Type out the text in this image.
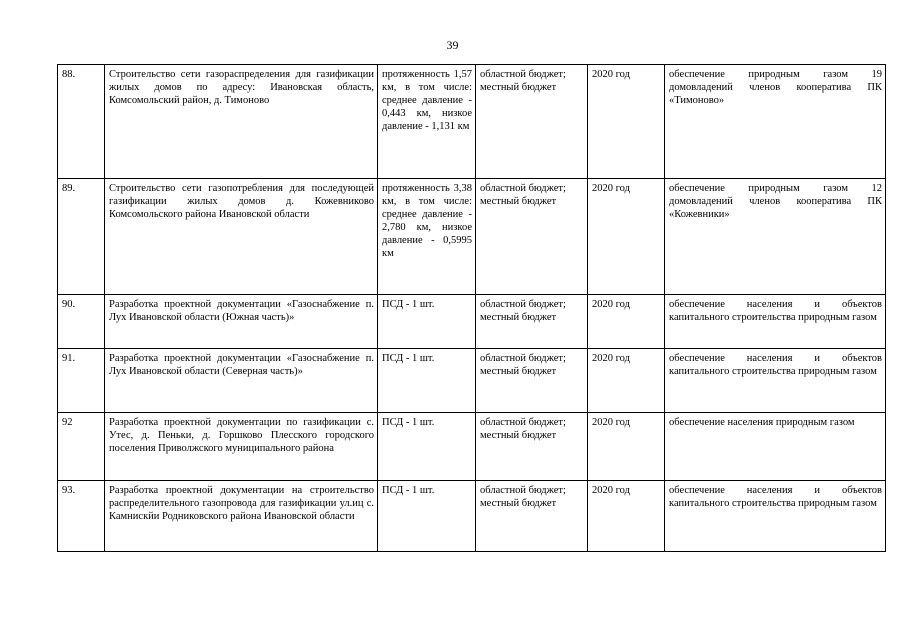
39
88.	Строительство сети газораспределения для газификации жилых домов по адресу: Ивановская область, Комсомольский район, д. Тимоново	протяженность 1,57 км, в том числе: среднее давление - 0,443 км, низкое давление - 1,131 км	областной бюджет; местный бюджет	2020 год	обеспечение природным газом 19 домовладений членов кооператива ПК «Тимоново»
89.	Строительство сети газопотребления для последующей газификации жилых домов д. Кожевниково Комсомольского района Ивановской области	протяженность 3,38 км, в том числе: среднее давление - 2,780 км, низкое давление - 0,5995 км	областной бюджет; местный бюджет	2020 год	обеспечение природным газом 12 домовладений членов кооператива ПК «Кожевники»
90.	Разработка проектной документации «Газоснабжение п. Лух Ивановской области (Южная часть)»	ПСД - 1 шт.	областной бюджет; местный бюджет	2020 год	обеспечение населения и объектов капитального строительства природным газом
91.	Разработка проектной документации «Газоснабжение п. Лух Ивановской области (Северная часть)»	ПСД - 1 шт.	областной бюджет; местный бюджет	2020 год	обеспечение населения и объектов капитального строительства природным газом
92	Разработка проектной документации по газификации с. Утес, д. Пеньки, д. Горшково Плесского городского поселения Приволжского муниципального района	ПСД - 1 шт.	областной бюджет; местный бюджет	2020 год	обеспечение населения природным газом
93.	Разработка проектной документации на строительство распределительного газопровода для газификации ул.иц с. Камнискйи Родниковского района Ивановской области	ПСД - 1 шт.	областной бюджет; местный бюджет	2020 год	обеспечение населения и объектов капитального строительства природным газом
